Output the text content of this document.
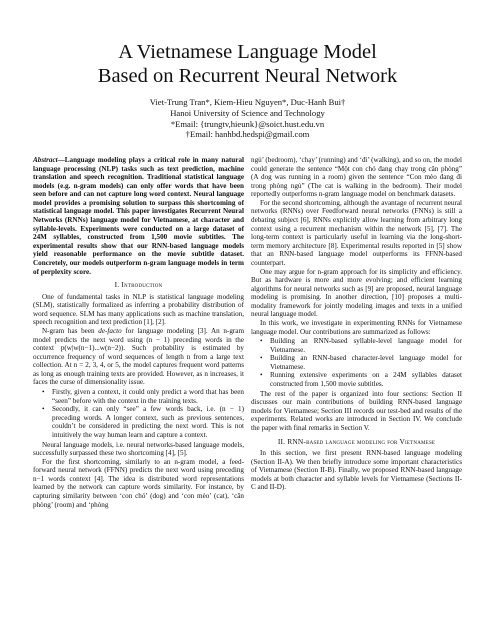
A Vietnamese Language Model
Based on Recurrent Neural Network
Viet-Trung Tran*, Kiem-Hieu Nguyen*, Duc-Hanh Bui†
Hanoi University of Science and Technology
*Email: {trungtv,hieunk}@soict.hust.edu.vn
†Email: hanhbd.hedspi@gmail.com

Abstract—Language modeling plays a critical role in many natural language processing (NLP) tasks such as text prediction, machine translation and speech recognition. Traditional statistical language models (e.g. n-gram models) can only offer words that have been seen before and can not capture long word context. Neural language model provides a promising solution to surpass this shortcoming of statistical language model. This paper investigates Recurrent Neural Networks (RNNs) language model for Vietnamese, at character and syllable-levels. Experiments were conducted on a large dataset of 24M syllables, constructed from 1,500 movie subtitles. The experimental results show that our RNN-based language models yield reasonable performance on the movie subtitle dataset. Concretely, our models outperform n-gram language models in term of perplexity score.

I. Introduction

One of fundamental tasks in NLP is statistical language modeling (SLM), statistically formalized as inferring a probability distribution of word sequence. SLM has many applications such as machine translation, speech recognition and text prediction [1], [2].

N-gram has been de-facto for language modeling [3]. An n-gram model predicts the next word using (n − 1) preceding words in the context p(w|w(n−1)...w(n−2)). Such probability is estimated by occurrence frequency of word sequences of length n from a large text collection. At n = 2, 3, 4, or 5, the model captures frequent word patterns as long as enough training texts are provided. However, as n increases, it faces the curse of dimensionality issue.

• Firstly, given a context, it could only predict a word that has been “seen” before with the context in the training texts.
• Secondly, it can only “see” a few words back, i.e. (n − 1) preceding words. A longer context, such as previous sentences, couldn’t be considered in predicting the next word. This is not intuitively the way human learn and capture a context.

Neural language models, i.e. neural networks-based language models, successfully surpassed these two shortcoming [4], [5].

For the first shortcoming, similarly to an n-gram model, a feed-forward neural network (FFNN) predicts the next word using preceding n−1 words context [4]. The idea is distributed word representations learned by the network can capture words similarity. For instance, by capturing similarity between ‘con chó’ (dog) and ‘con mèo’ (cat), ‘căn phòng’ (room) and ‘phòng

ngủ’ (bedroom), ‘chạy’ (running) and ‘đi’ (walking), and so on, the model could generate the sentence “Một con chó đang chạy trong căn phòng” (A dog was running in a room) given the sentence “Con mèo đang đi trong phòng ngủ” (The cat is walking in the bedroom). Their model reportedly outperforms n-gram language model on benchmark datasets.

For the second shortcoming, although the avantage of recurrent neural networks (RNNs) over Feedforward neural networks (FNNs) is still a debating subject [6], RNNs explicitly allow learning from arbitrary long context using a recurrent mechanism within the network [5], [7]. The long-term context is particularly useful in learning via the long-short-term memory architecture [8]. Experimental results reported in [5] show that an RNN-based language model outperforms its FFNN-based counterpart.

One may argue for n-gram approach for its simplicity and efficiency. But as hardware is more and more evolving; and efficient learning algorithms for neural networks such as [9] are proposed, neural language modeling is promising. In another direction, [10] proposes a multi-modality framework for jointly modeling images and texts in a unified neural language model.

In this work, we investigate in experimenting RNNs for Vietnamese language model. Our contributions are summarized as follows:

• Building an RNN-based syllable-level language model for Vietnamese.
• Building an RNN-based character-level language model for Vietnamese.
• Running extensive experiments on a 24M syllables dataset constructed from 1,500 movie subtitles.

The rest of the paper is organized into four sections: Section II discusses our main contributions of building RNN-based language models for Vietnamese; Section III records our test-bed and results of the experiments. Related works are introduced in Section IV. We conclude the paper with final remarks in Section V.

II. RNN-based language modeling for Vietnamese

In this section, we first present RNN-based language modeling (Section II-A). We then briefly introduce some important characteristics of Vietnamese (Section II-B). Finally, we proposed RNN-based language models at both character and syllable levels for Vietnamese (Sections II-C and II-D).
